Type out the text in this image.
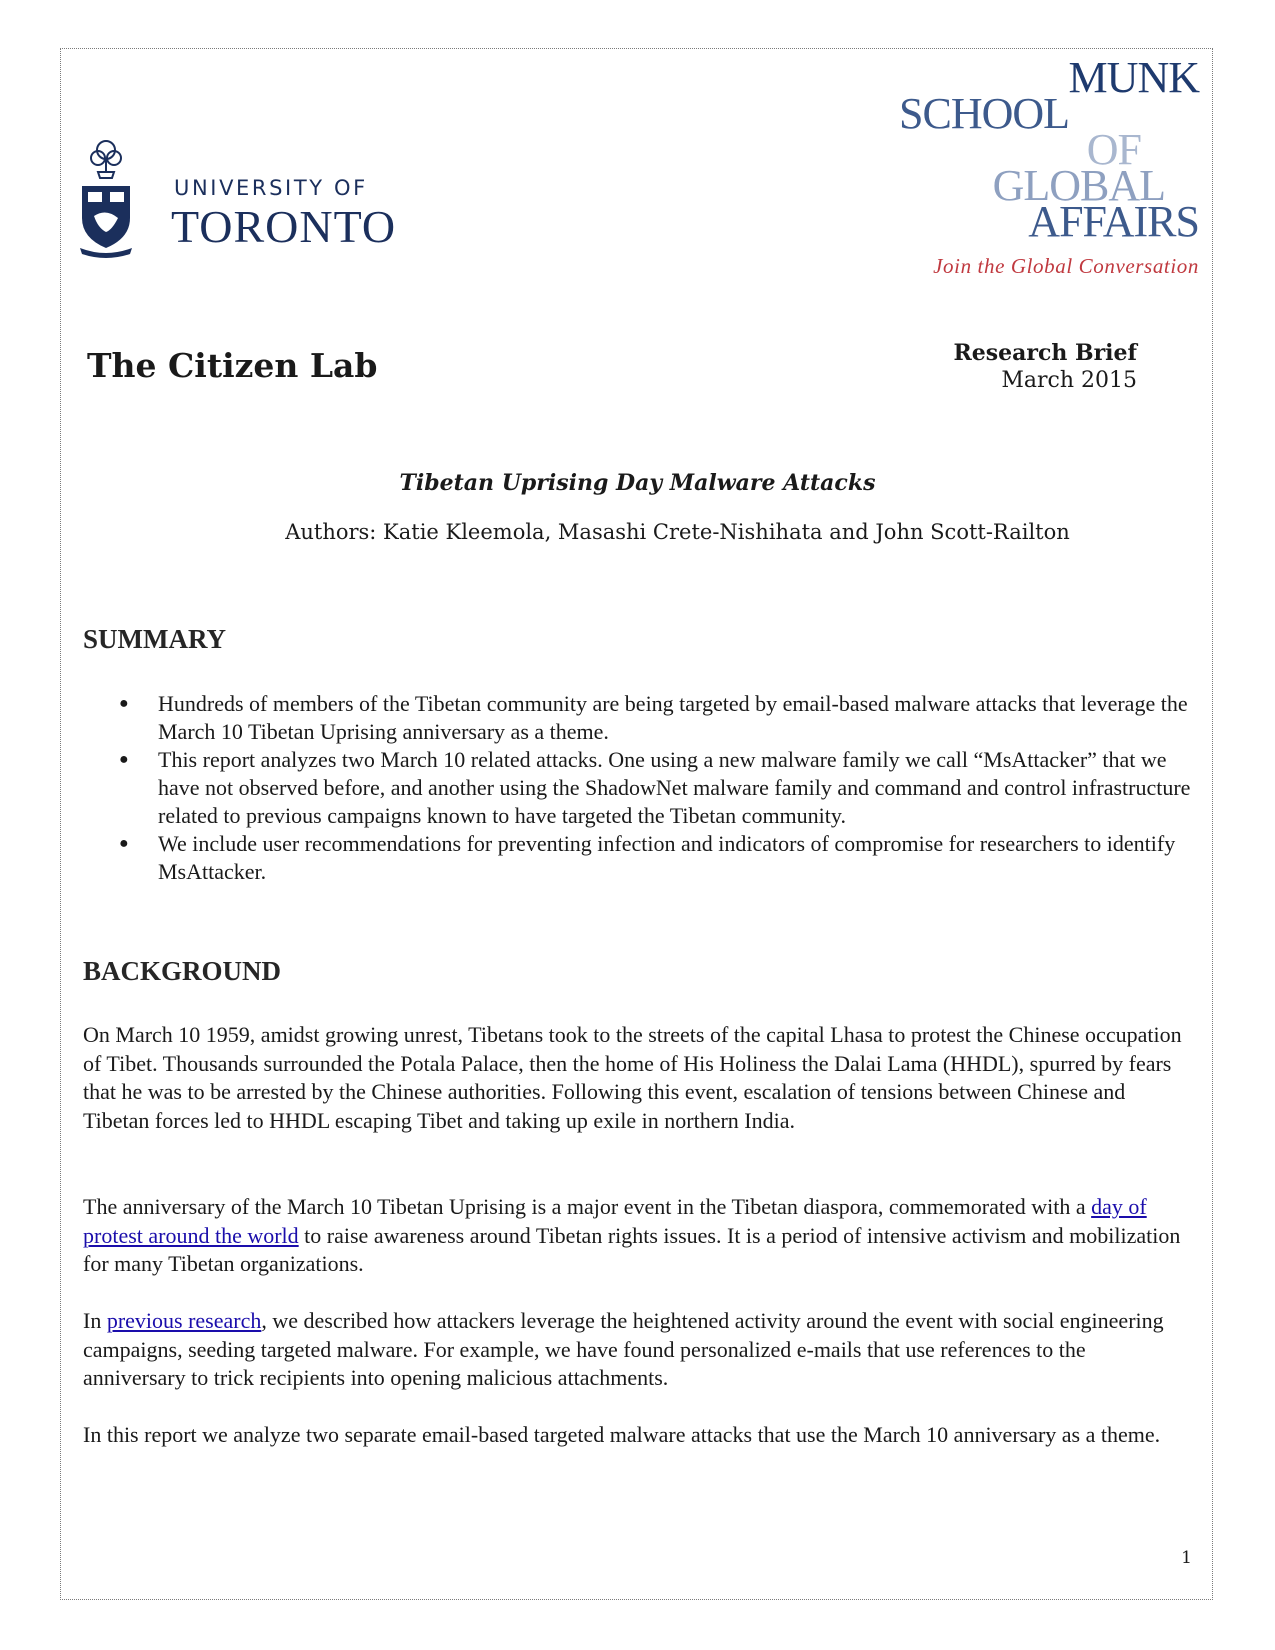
UNIVERSITY OF
TORONTO
MUNK
SCHOOL
OF
GLOBAL
AFFAIRS
Join the Global Conversation
The Citizen Lab	Research Brief
March 2015
Tibetan Uprising Day Malware Attacks
Authors: Katie Kleemola, Masashi Crete-Nishihata and John Scott-Railton
SUMMARY
● Hundreds of members of the Tibetan community are being targeted by email-based malware attacks that leverage the March 10 Tibetan Uprising anniversary as a theme.
● This report analyzes two March 10 related attacks. One using a new malware family we call “MsAttacker” that we have not observed before, and another using the ShadowNet malware family and command and control infrastructure related to previous campaigns known to have targeted the Tibetan community.
● We include user recommendations for preventing infection and indicators of compromise for researchers to identify MsAttacker.
BACKGROUND

On March 10 1959, amidst growing unrest, Tibetans took to the streets of the capital Lhasa to protest the Chinese occupation of Tibet. Thousands surrounded the Potala Palace, then the home of His Holiness the Dalai Lama (HHDL), spurred by fears that he was to be arrested by the Chinese authorities. Following this event, escalation of tensions between Chinese and Tibetan forces led to HHDL escaping Tibet and taking up exile in northern India.

The anniversary of the March 10 Tibetan Uprising is a major event in the Tibetan diaspora, commemorated with a day of protest around the world to raise awareness around Tibetan rights issues. It is a period of intensive activism and mobilization for many Tibetan organizations.

In previous research, we described how attackers leverage the heightened activity around the event with social engineering campaigns, seeding targeted malware. For example, we have found personalized e-mails that use references to the anniversary to trick recipients into opening malicious attachments.

In this report we analyze two separate email-based targeted malware attacks that use the March 10 anniversary as a theme.

1
